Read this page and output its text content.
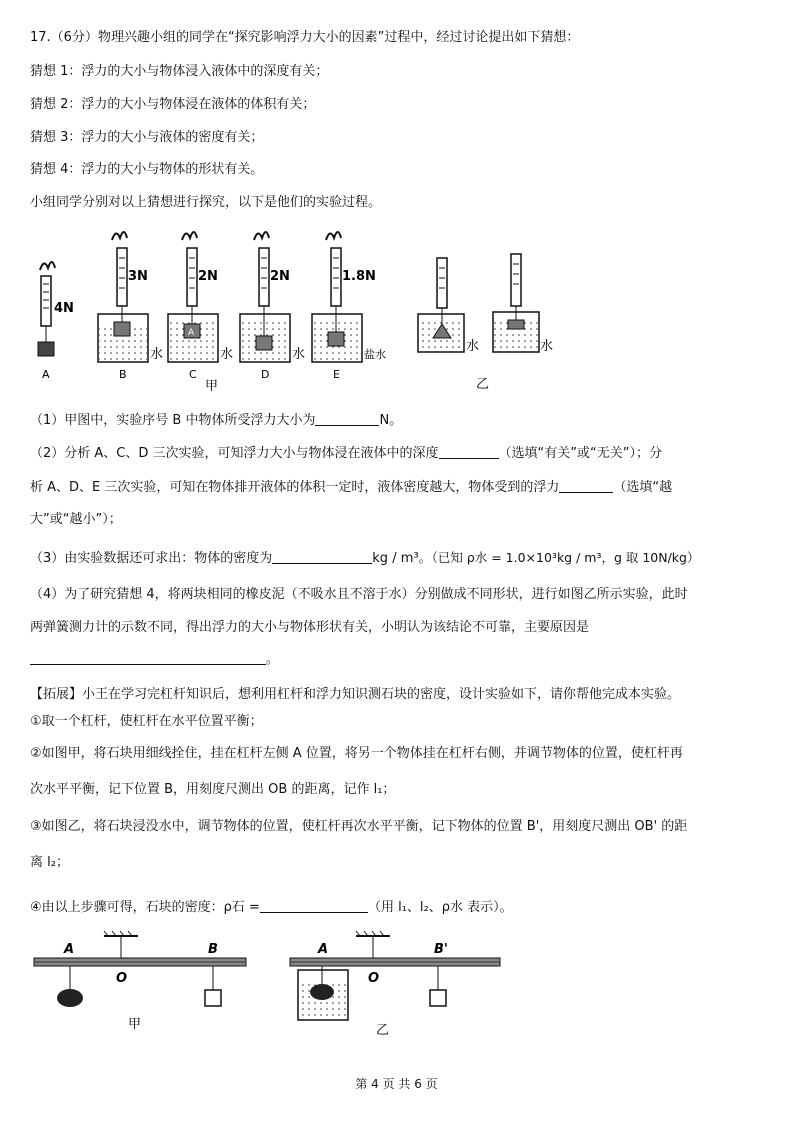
17.（6分）物理兴趣小组的同学在“探究影响浮力大小的因素”过程中，经过讨论提出如下猜想：
猜想 1：浮力的大小与物体浸入液体中的深度有关；
猜想 2：浮力的大小与物体浸在液体的体积有关；
猜想 3：浮力的大小与液体的密度有关；
猜想 4：浮力的大小与物体的形状有关。
小组同学分别对以上猜想进行探究，以下是他们的实验过程。
4N
A
3N
水
B
A
2N
水
C
2N
水
D
1.8N
盐水
E
甲
水	水
乙
（1）甲图中，实验序号 B 中物体所受浮力大小为	N。
（2）分析 A、C、D 三次实验，可知浮力大小与物体浸在液体中的深度	（选填“有关”或“无关”）；分
析 A、D、E 三次实验，可知在物体排开液体的体积一定时，液体密度越大，物体受到的浮力	（选填“越
大”或“越小”）；
（3）由实验数据还可求出：物体的密度为	kg / m³。（已知 ρ水 = 1.0×10³kg / m³，g 取 10N/kg）
（4）为了研究猜想 4，将两块相同的橡皮泥（不吸水且不溶于水）分别做成不同形状，进行如图乙所示实验，此时
两弹簧测力计的示数不同，得出浮力的大小与物体形状有关，小明认为该结论不可靠，主要原因是
。
【拓展】小王在学习完杠杆知识后，想利用杠杆和浮力知识测石块的密度，设计实验如下，请你帮他完成本实验。
①取一个杠杆，使杠杆在水平位置平衡；
②如图甲，将石块用细线拴住，挂在杠杆左侧 A 位置，将另一个物体挂在杠杆右侧，并调节物体的位置，使杠杆再
次水平平衡，记下位置 B，用刻度尺测出 OB 的距离，记作 l₁；
③如图乙，将石块浸没水中，调节物体的位置，使杠杆再次水平平衡，记下物体的位置 B'，用刻度尺测出 OB' 的距
离 l₂；
④由以上步骤可得，石块的密度：ρ石 =	（用 l₁、l₂、ρ水 表示）。
A
O
B
甲
A
O
B'
乙
第 4 页 共 6 页
